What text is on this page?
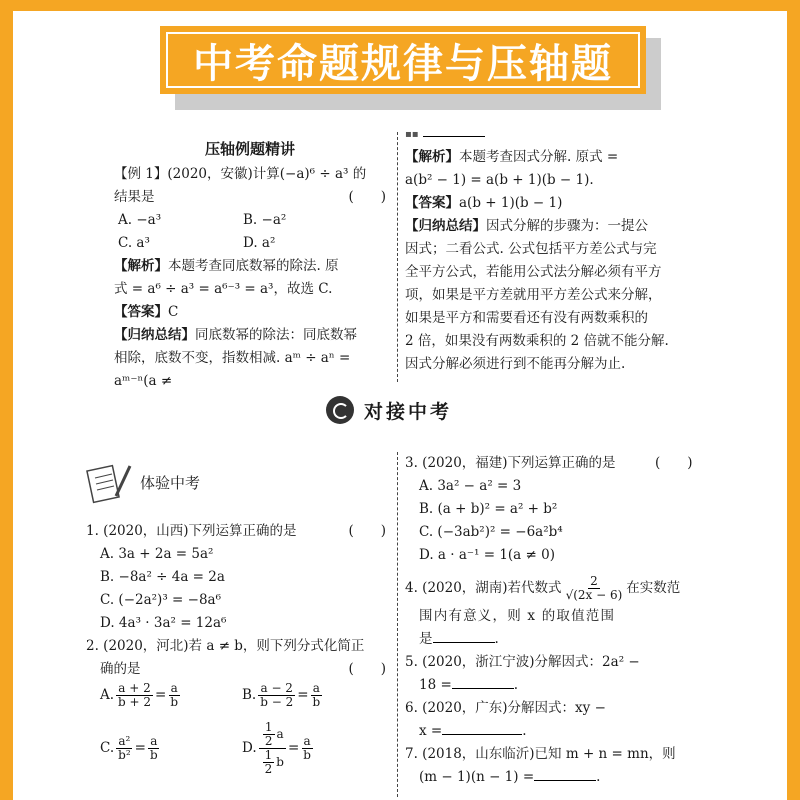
中考命题规律与压轴题

压轴例题精讲

【例 1】(2020，安徽)计算(−a)⁶ ÷ a³ 的

结果是	(　　)

A. −a³	B. −a²

C. a³	D. a²

【解析】本题考查同底数幂的除法. 原

式 = a⁶ ÷ a³ = a⁶⁻³ = a³，故选 C.

【答案】C

【归纳总结】同底数幂的除法：同底数幂

相除，底数不变，指数相减. aᵐ ÷ aⁿ = aᵐ⁻ⁿ(a ≠

▪▪

【解析】本题考查因式分解. 原式 =

a(b² − 1) = a(b + 1)(b − 1).

【答案】a(b + 1)(b − 1)

【归纳总结】因式分解的步骤为：一提公

因式；二看公式. 公式包括平方差公式与完

全平方公式，若能用公式法分解必须有平方

项，如果是平方差就用平方差公式来分解，

如果是平方和需要看还有没有两数乘积的

2 倍，如果没有两数乘积的 2 倍就不能分解.

因式分解必须进行到不能再分解为止.

对接中考
体验中考

1. (2020，山西)下列运算正确的是	(　　)

A. 3a + 2a = 5a²

B. −8a² ÷ 4a = 2a

C. (−2a²)³ = −8a⁶

D. 4a³ · 3a² = 12a⁶

2. (2020，河北)若 a ≠ b，则下列分式化简正

确的是	(　　)

A. $\frac{a + 2}{b + 2} = \frac{a}{b}$	B. $\frac{a - 2}{b - 2} = \frac{a}{b}$
C. $\frac{\text{a²}}{\text{b²}} = \frac{a}{b}$	D. $\frac{\frac{1}{2} a}{\frac{1}{2} b} = \frac{a}{b}$

3. (2020，福建)下列运算正确的是	(　　)

A. 3a² − a² = 3

B. (a + b)² = a² + b²

C. (−3ab²)² = −6a²b⁴

D. a · a⁻¹ = 1(a ≠ 0)

4. (2020，湖南)若代数式 $\frac{2}{√(2x - 6)}$ 在实数范

围内有意义，则 x 的取值范围

是	.

5. (2020，浙江宁波)分解因式：2a² −

18 =	.

6. (2020，广东)分解因式：xy −

x =	.

7. (2018，山东临沂)已知 m + n = mn，则

(m − 1)(n − 1) =	.
